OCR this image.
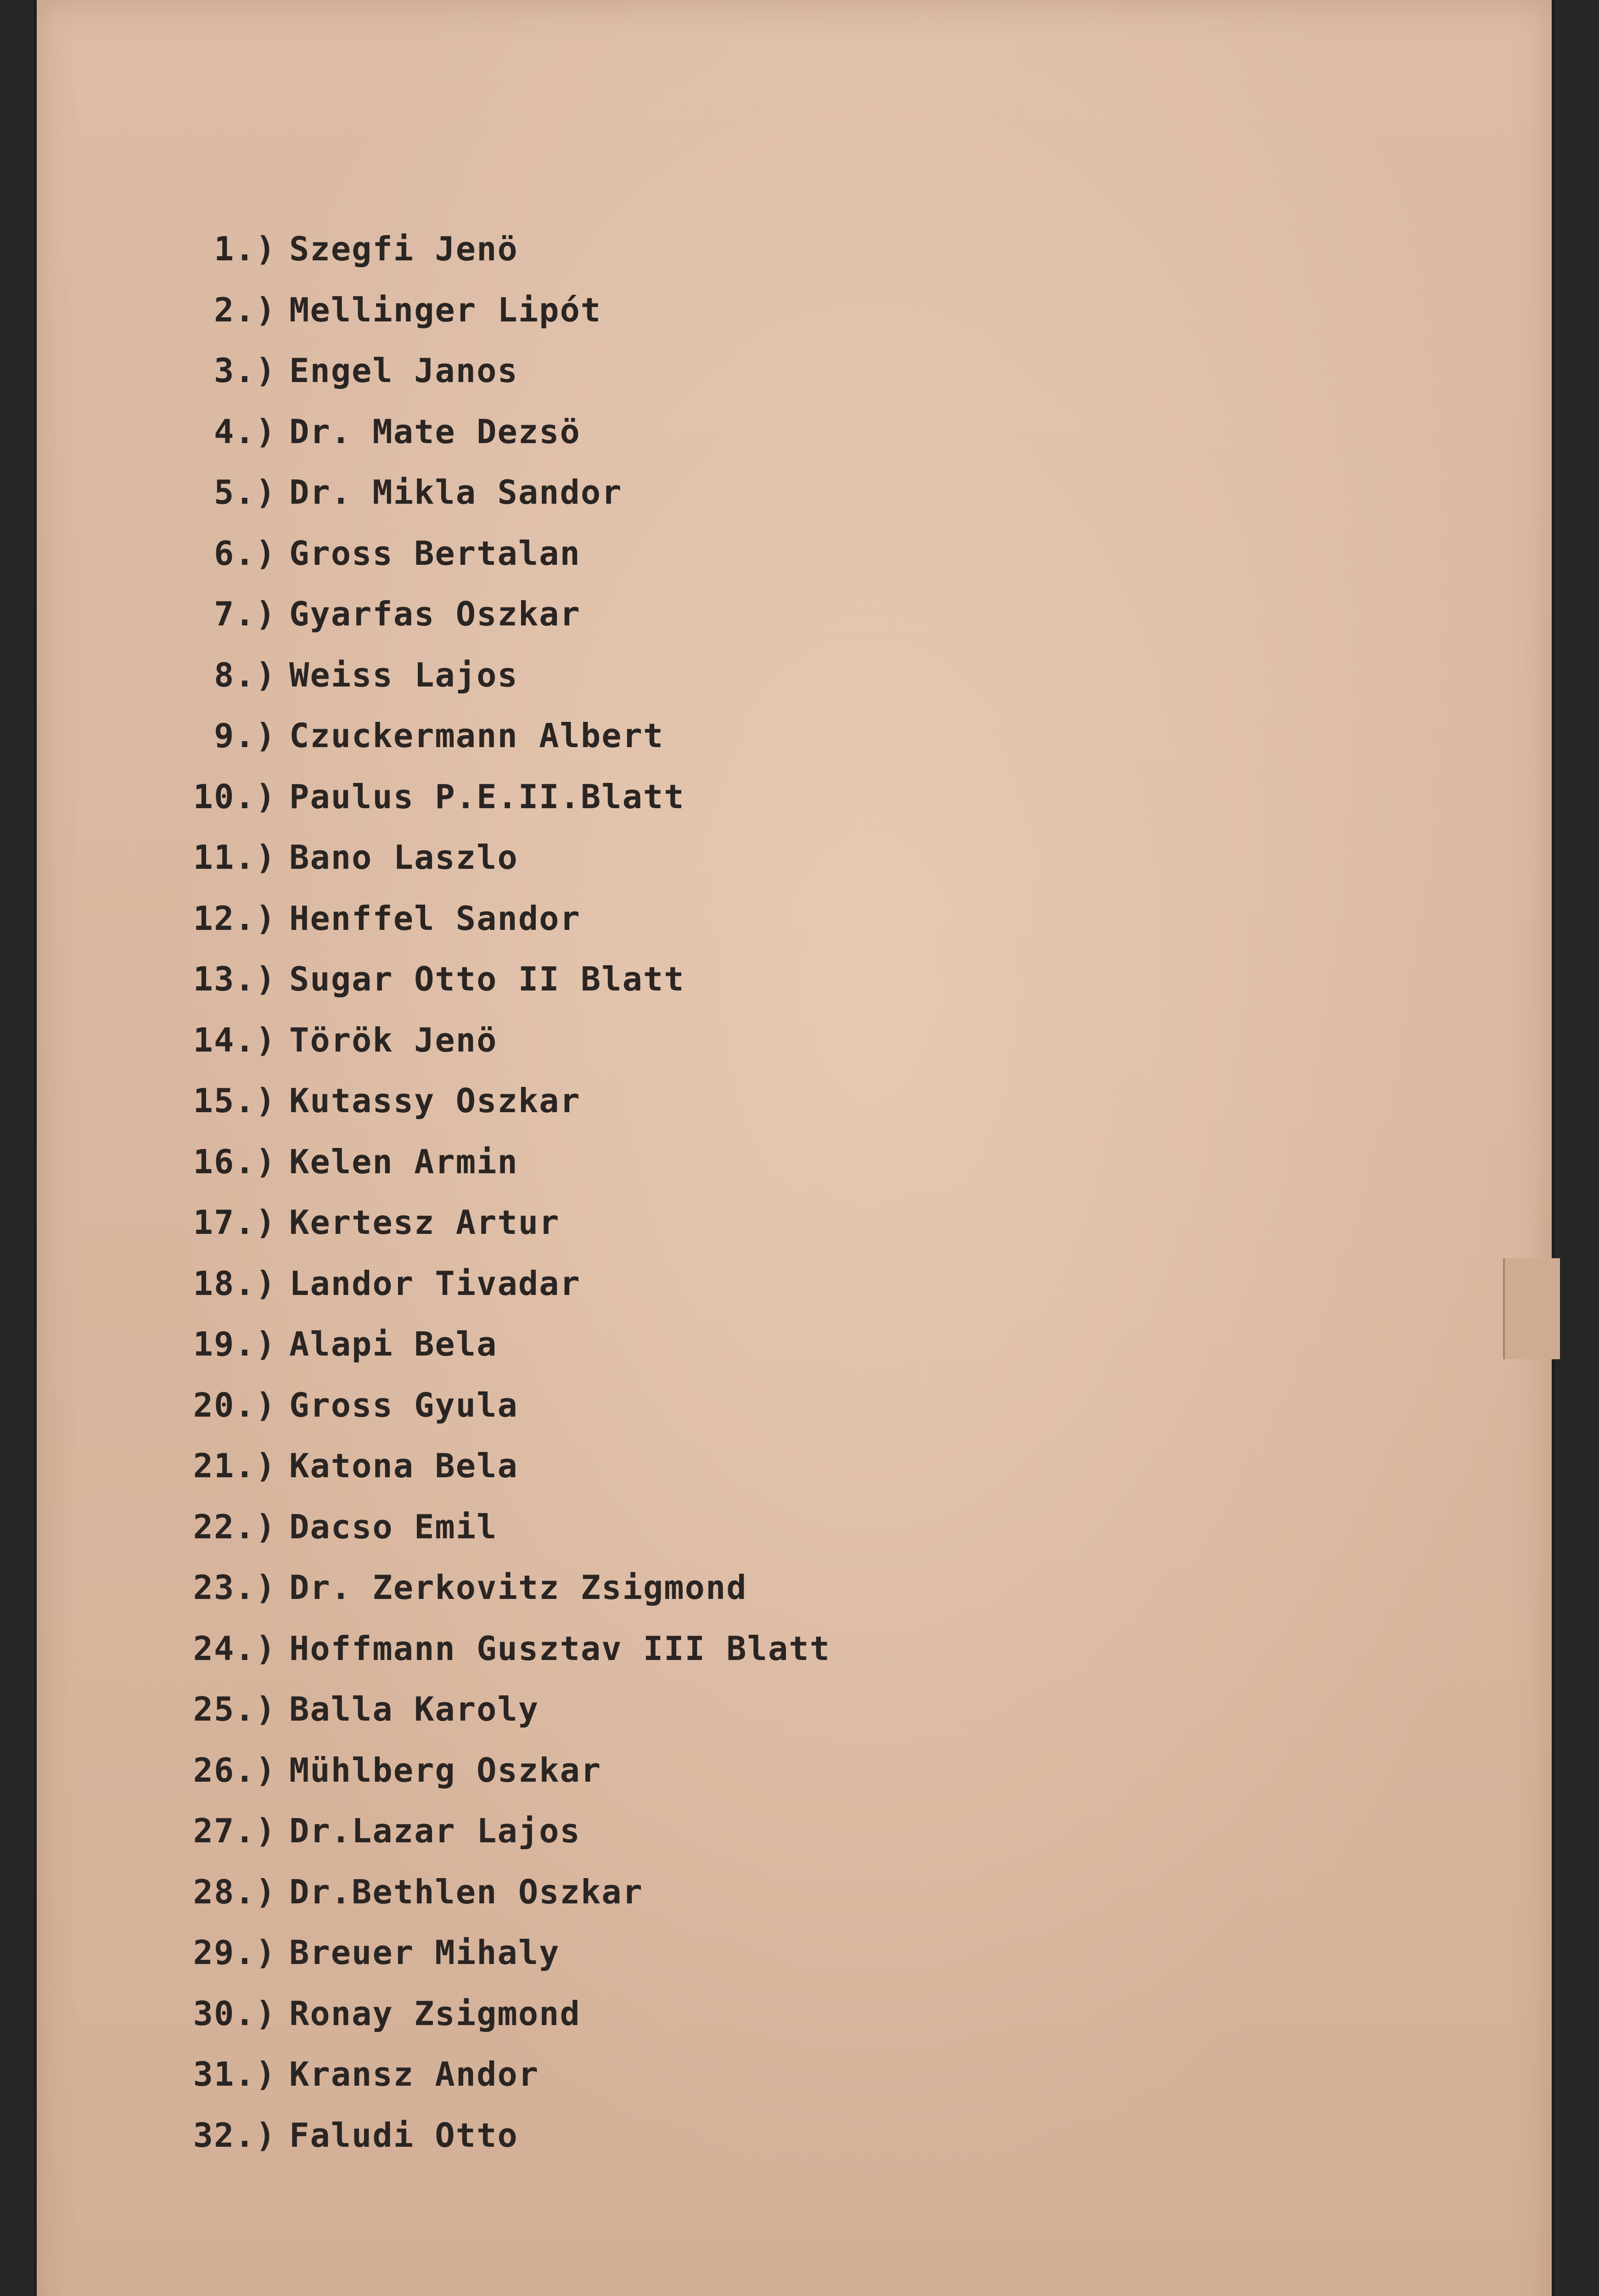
1.) Szegfi Jenö
2.) Mellinger Lipót
3.) Engel Janos
4.) Dr. Mate Dezsö
5.) Dr. Mikla Sandor
6.) Gross Bertalan
7.) Gyarfas Oszkar
8.) Weiss Lajos
9.) Czuckermann Albert
10.) Paulus P.E.II.Blatt
11.) Bano Laszlo
12.) Henffel Sandor
13.) Sugar Otto II Blatt
14.) Török Jenö
15.) Kutassy Oszkar
16.) Kelen Armin
17.) Kertesz Artur
18.) Landor Tivadar
19.) Alapi Bela
20.) Gross Gyula
21.) Katona Bela
22.) Dacso Emil
23.) Dr. Zerkovitz Zsigmond
24.) Hoffmann Gusztav III Blatt
25.) Balla Karoly
26.) Mühlberg Oszkar
27.) Dr.Lazar Lajos
28.) Dr.Bethlen Oszkar
29.) Breuer Mihaly
30.) Ronay Zsigmond
31.) Kransz Andor
32.) Faludi Otto
